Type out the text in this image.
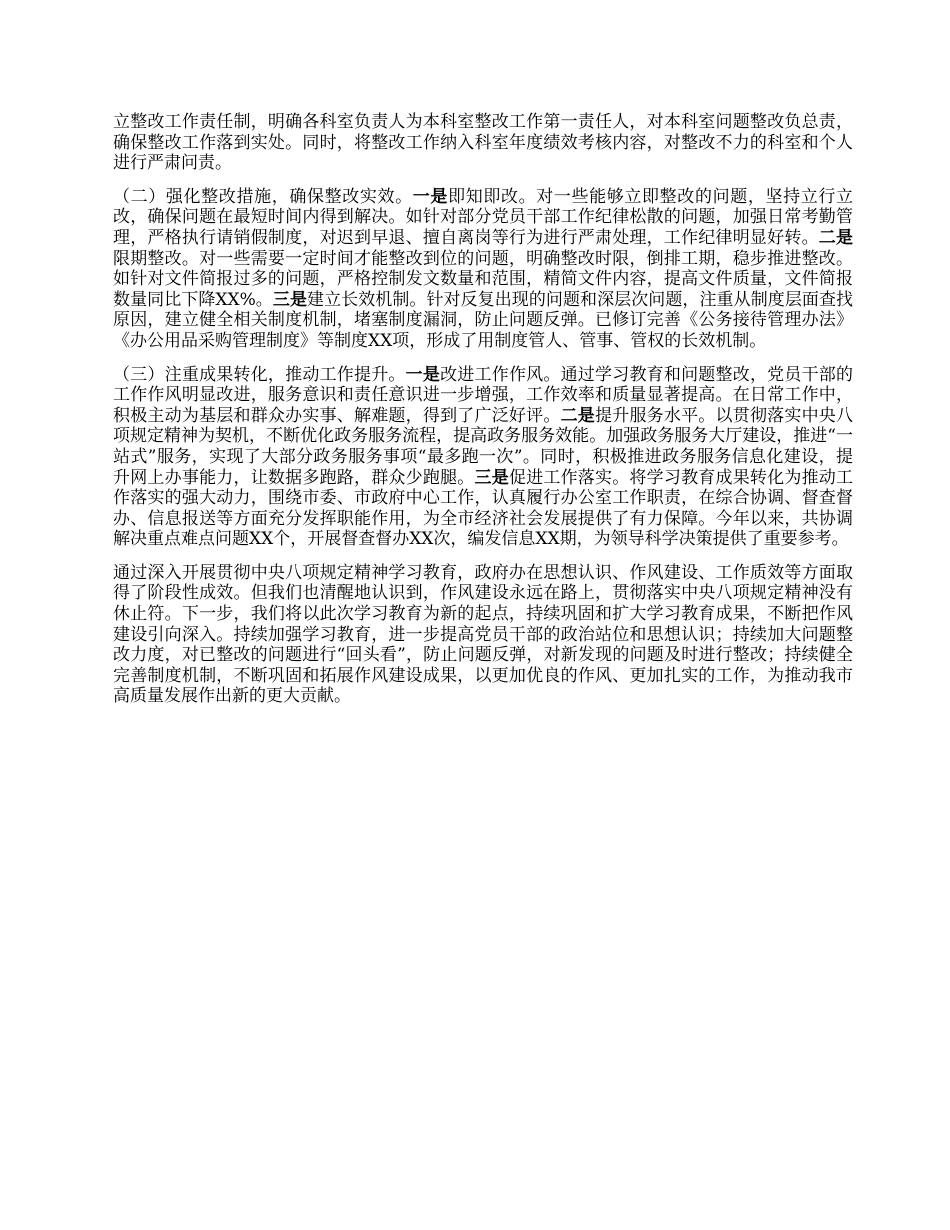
立整改工作责任制，明确各科室负责人为本科室整改工作第一责任人，对本科室问题整改负总责，确保整改工作落到实处。同时，将整改工作纳入科室年度绩效考核内容，对整改不力的科室和个人进行严肃问责。

（二）强化整改措施，确保整改实效。一是即知即改。对一些能够立即整改的问题，坚持立行立改，确保问题在最短时间内得到解决。如针对部分党员干部工作纪律松散的问题，加强日常考勤管理，严格执行请销假制度，对迟到早退、擅自离岗等行为进行严肃处理，工作纪律明显好转。二是限期整改。对一些需要一定时间才能整改到位的问题，明确整改时限，倒排工期，稳步推进整改。如针对文件简报过多的问题，严格控制发文数量和范围，精简文件内容，提高文件质量，文件简报数量同比下降XX%。三是建立长效机制。针对反复出现的问题和深层次问题，注重从制度层面查找原因，建立健全相关制度机制，堵塞制度漏洞，防止问题反弹。已修订完善《公务接待管理办法》《办公用品采购管理制度》等制度XX项，形成了用制度管人、管事、管权的长效机制。

（三）注重成果转化，推动工作提升。一是改进工作作风。通过学习教育和问题整改，党员干部的工作作风明显改进，服务意识和责任意识进一步增强，工作效率和质量显著提高。在日常工作中，积极主动为基层和群众办实事、解难题，得到了广泛好评。二是提升服务水平。以贯彻落实中央八项规定精神为契机，不断优化政务服务流程，提高政务服务效能。加强政务服务大厅建设，推进“一站式”服务，实现了大部分政务服务事项“最多跑一次”。同时，积极推进政务服务信息化建设，提升网上办事能力，让数据多跑路，群众少跑腿。三是促进工作落实。将学习教育成果转化为推动工作落实的强大动力，围绕市委、市政府中心工作，认真履行办公室工作职责，在综合协调、督查督办、信息报送等方面充分发挥职能作用，为全市经济社会发展提供了有力保障。今年以来，共协调解决重点难点问题XX个，开展督查督办XX次，编发信息XX期，为领导科学决策提供了重要参考。

通过深入开展贯彻中央八项规定精神学习教育，政府办在思想认识、作风建设、工作质效等方面取得了阶段性成效。但我们也清醒地认识到，作风建设永远在路上，贯彻落实中央八项规定精神没有休止符。下一步，我们将以此次学习教育为新的起点，持续巩固和扩大学习教育成果，不断把作风建设引向深入。持续加强学习教育，进一步提高党员干部的政治站位和思想认识；持续加大问题整改力度，对已整改的问题进行“回头看”，防止问题反弹，对新发现的问题及时进行整改；持续健全完善制度机制，不断巩固和拓展作风建设成果，以更加优良的作风、更加扎实的工作，为推动我市高质量发展作出新的更大贡献。
